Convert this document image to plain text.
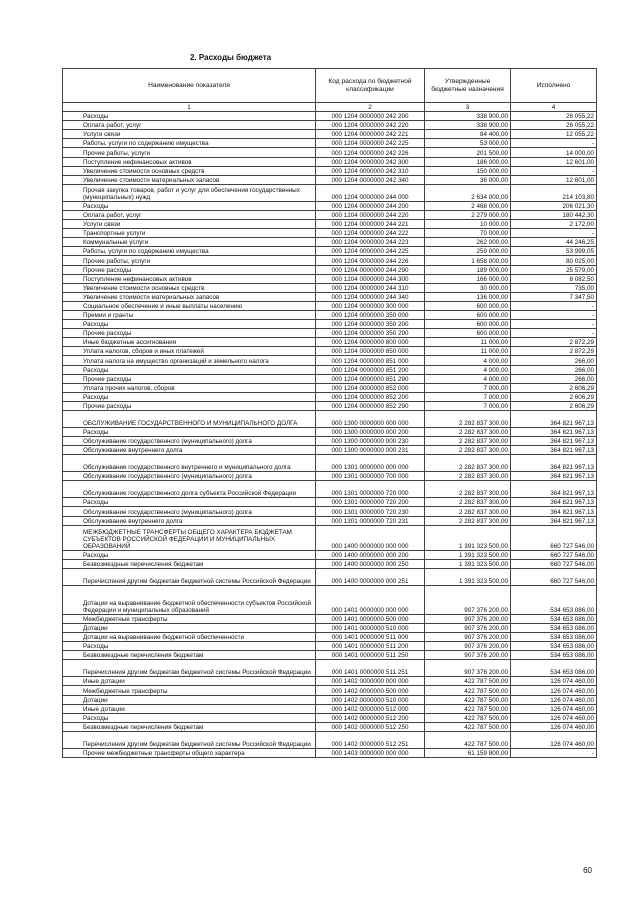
2. Расходы бюджета
Наименование показателя	Код расхода по бюджетной классификации	Утвержденные бюджетные назначения	Исполнено
1	2	3	4
Расходы	000 1204 0000000 242 200	338 900,00	26 055,22
Оплата работ, услуг	000 1204 0000000 242 220	338 900,00	26 055,22
Услуги связи	000 1204 0000000 242 221	84 400,00	12 055,22
Работы, услуги по содержанию имущества	000 1204 0000000 242 225	53 000,00	-
Прочие работы, услуги	000 1204 0000000 242 226	201 500,00	14 000,00
Поступление нефинансовых активов	000 1204 0000000 242 300	186 000,00	12 601,00
Увеличение стоимости основных средств	000 1204 0000000 242 310	150 000,00	-
Увеличение стоимости материальных запасов	000 1204 0000000 242 340	36 000,00	12 601,00
Прочая закупка товаров, работ и услуг для обеспечения государственных (муниципальных) нужд	000 1204 0000000 244 000	2 634 000,00	214 103,80
Расходы	000 1204 0000000 244 200	2 468 000,00	206 021,30
Оплата работ, услуг	000 1204 0000000 244 220	2 279 000,00	180 442,30
Услуги связи	000 1204 0000000 244 221	10 000,00	2 172,00
Транспортные услуги	000 1204 0000000 244 222	70 000,00	-
Коммунальные услуги	000 1204 0000000 244 223	262 000,00	44 246,25
Работы, услуги по содержанию имущества	000 1204 0000000 244 225	259 000,00	53 999,05
Прочие работы, услуги	000 1204 0000000 244 226	1 658 000,00	80 025,00
Прочие расходы	000 1204 0000000 244 290	189 000,00	25 579,00
Поступление нефинансовых активов	000 1204 0000000 244 300	166 000,00	8 082,50
Увеличение стоимости основных средств	000 1204 0000000 244 310	30 000,00	735,00
Увеличение стоимости материальных запасов	000 1204 0000000 244 340	136 000,00	7 347,50
Социальное обеспечение и иные выплаты населению	000 1204 0000000 300 000	600 000,00	-
Премии и гранты	000 1204 0000000 350 000	600 000,00	-
Расходы	000 1204 0000000 350 200	600 000,00	-
Прочие расходы	000 1204 0000000 350 290	600 000,00	-
Иные бюджетные ассигнования	000 1204 0000000 800 000	11 000,00	2 872,29
Уплата налогов, сборов и иных платежей	000 1204 0000000 850 000	11 000,00	2 872,29
Уплата налога на имущество организаций и земельного налога	000 1204 0000000 851 000	4 000,00	266,00
Расходы	000 1204 0000000 851 200	4 000,00	266,00
Прочие расходы	000 1204 0000000 851 290	4 000,00	266,00
Уплата прочих налогов, сборов	000 1204 0000000 852 000	7 000,00	2 606,29
Расходы	000 1204 0000000 852 200	7 000,00	2 606,29
Прочие расходы	000 1204 0000000 852 290	7 000,00	2 606,29
ОБСЛУЖИВАНИЕ ГОСУДАРСТВЕННОГО И МУНИЦИПАЛЬНОГО ДОЛГА	000 1300 0000000 000 000	2 282 837 300,00	364 821 967,13
Расходы	000 1300 0000000 000 200	2 282 837 300,00	364 821 967,13
Обслуживание государственного (муниципального) долга	000 1300 0000000 000 230	2 282 837 300,00	364 821 967,13
Обслуживание внутреннего долга	000 1300 0000000 000 231	2 282 837 300,00	364 821 967,13
Обслуживание государственного внутреннего и муниципального долга	000 1301 0000000 000 000	2 282 837 300,00	364 821 967,13
Обслуживание государственного (муниципального) долга	000 1301 0000000 700 000	2 282 837 300,00	364 821 967,13
Обслуживание государственного долга субъекта Российской Федерации	000 1301 0000000 720 000	2 282 837 300,00	364 821 967,13
Расходы	000 1301 0000000 720 200	2 282 837 300,00	364 821 967,13
Обслуживание государственного (муниципального) долга	000 1301 0000000 720 230	2 282 837 300,00	364 821 967,13
Обслуживание внутреннего долга	000 1301 0000000 720 231	2 282 837 300,00	364 821 967,13
МЕЖБЮДЖЕТНЫЕ ТРАНСФЕРТЫ ОБЩЕГО ХАРАКТЕРА БЮДЖЕТАМ СУБЪЕКТОВ РОССИЙСКОЙ ФЕДЕРАЦИИ И МУНИЦИПАЛЬНЫХ ОБРАЗОВАНИЙ	000 1400 0000000 000 000	1 391 323 500,00	660 727 546,00
Расходы	000 1400 0000000 000 200	1 391 323 500,00	660 727 546,00
Безвозмездные перечисления бюджетам	000 1400 0000000 000 250	1 391 323 500,00	660 727 546,00
Перечисления другим бюджетам бюджетной системы Российской Федерации	000 1400 0000000 000 251	1 391 323 500,00	660 727 546,00
Дотации на выравнивание бюджетной обеспеченности субъектов Российской Федерации и муниципальных образований	000 1401 0000000 000 000	907 376 200,00	534 653 086,00
Межбюджетные трансферты	000 1401 0000000 500 000	907 376 200,00	534 653 086,00
Дотации	000 1401 0000000 510 000	907 376 200,00	534 653 086,00
Дотации на выравнивание бюджетной обеспеченности	000 1401 0000000 511 000	907 376 200,00	534 653 086,00
Расходы	000 1401 0000000 511 200	907 376 200,00	534 653 086,00
Безвозмездные перечисления бюджетам	000 1401 0000000 511 250	907 376 200,00	534 653 086,00
Перечисления другим бюджетам бюджетной системы Российской Федерации	000 1401 0000000 511 251	907 376 200,00	534 653 086,00
Иные дотации	000 1402 0000000 000 000	422 787 500,00	126 074 460,00
Межбюджетные трансферты	000 1402 0000000 500 000	422 787 500,00	126 074 460,00
Дотации	000 1402 0000000 510 000	422 787 500,00	126 074 460,00
Иные дотации	000 1402 0000000 512 000	422 787 500,00	126 074 460,00
Расходы	000 1402 0000000 512 200	422 787 500,00	126 074 460,00
Безвозмездные перечисления бюджетам	000 1402 0000000 512 250	422 787 500,00	126 074 460,00
Перечисления другим бюджетам бюджетной системы Российской Федерации	000 1402 0000000 512 251	422 787 500,00	126 074 460,00
Прочие межбюджетные трансферты общего характера	000 1403 0000000 000 000	61 159 800,00	-
60
